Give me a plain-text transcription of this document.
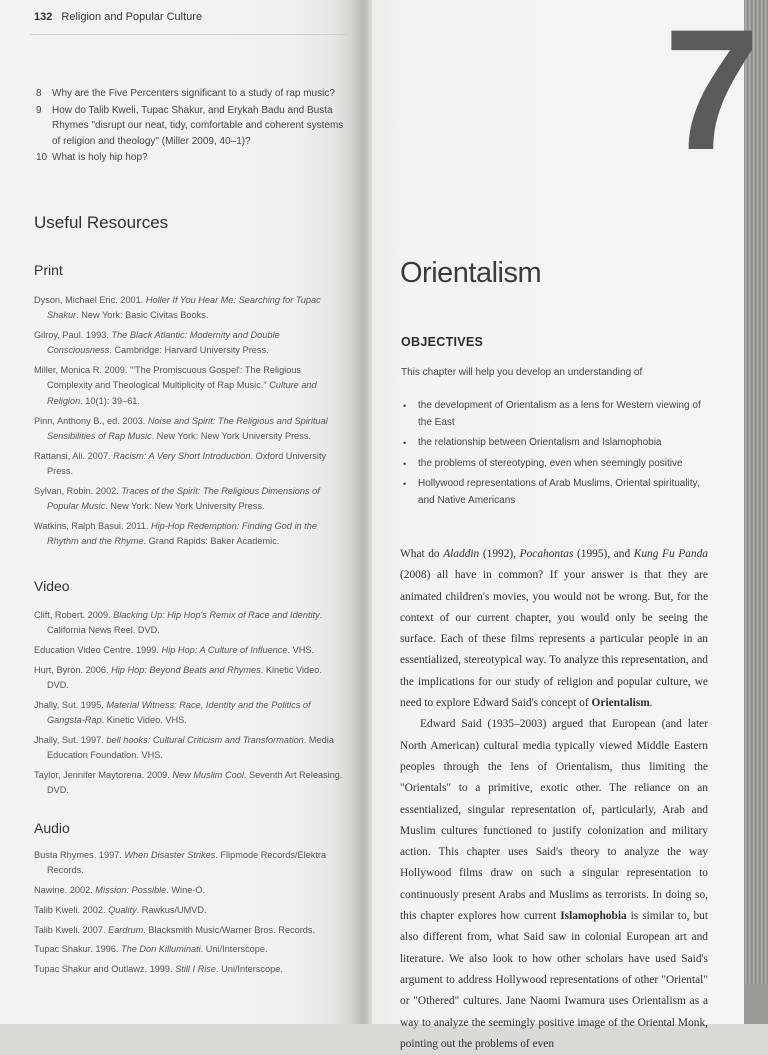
132 Religion and Popular Culture
8	Why are the Five Percenters significant to a study of rap music?
9	How do Talib Kweli, Tupac Shakur, and Erykah Badu and Busta Rhymes "disrupt our neat, tidy, comfortable and coherent systems of religion and theology" (Miller 2009, 40–1)?
10 What is holy hip hop?
Useful Resources
Print
Dyson, Michael Eric. 2001. Holler If You Hear Me: Searching for Tupac Shakur. New York: Basic Civitas Books.
Gilroy, Paul. 1993. The Black Atlantic: Modernity and Double Consciousness. Cambridge: Harvard University Press.
Miller, Monica R. 2009. "'The Promiscuous Gospel': The Religious Complexity and Theological Multiplicity of Rap Music." Culture and Religion. 10(1): 39–61.
Pinn, Anthony B., ed. 2003. Noise and Spirit: The Religious and Spiritual Sensibilities of Rap Music. New York: New York University Press.
Rattansi, Ali. 2007. Racism: A Very Short Introduction. Oxford University Press.
Sylvan, Robin. 2002. Traces of the Spirit: The Religious Dimensions of Popular Music. New York: New York University Press.
Watkins, Ralph Basui. 2011. Hip-Hop Redemption: Finding God in the Rhythm and the Rhyme. Grand Rapids: Baker Academic.
Video
Clift, Robert. 2009. Blacking Up: Hip Hop's Remix of Race and Identity. California News Reel. DVD.
Education Video Centre. 1999. Hip Hop: A Culture of Influence. VHS.
Hurt, Byron. 2006. Hip Hop: Beyond Beats and Rhymes. Kinetic Video. DVD.
Jhally, Sut. 1995. Material Witness: Race, Identity and the Politics of Gangsta-Rap. Kinetic Video. VHS.
Jhally, Sut. 1997. bell hooks: Cultural Criticism and Transformation. Media Education Foundation. VHS.
Taylor, Jennifer Maytorena. 2009. New Muslim Cool. Seventh Art Releasing. DVD.
Audio
Busta Rhymes. 1997. When Disaster Strikes. Flipmode Records/Elektra Records.
Nawine. 2002. Mission: Possible. Wine-O.
Talib Kweli. 2002. Quality. Rawkus/UMVD.
Talib Kweli. 2007. Eardrum. Blacksmith Music/Warner Bros. Records.
Tupac Shakur. 1996. The Don Killuminati. Uni/Interscope.
Tupac Shakur and Outlawz. 1999. Still I Rise. Uni/Interscope.
7
Orientalism
OBJECTIVES
This chapter will help you develop an understanding of
•	the development of Orientalism as a lens for Western viewing of the East
•	the relationship between Orientalism and Islamophobia
•	the problems of stereotyping, even when seemingly positive
•	Hollywood representations of Arab Muslims, Oriental spirituality, and Native Americans

What do Aladdin (1992), Pocahontas (1995), and Kung Fu Panda (2008) all have in common? If your answer is that they are animated children's movies, you would not be wrong. But, for the context of our current chapter, you would only be seeing the surface. Each of these films represents a particular people in an essentialized, stereotypical way. To analyze this representation, and the implications for our study of religion and popular culture, we need to explore Edward Said's concept of Orientalism.

Edward Said (1935–2003) argued that European (and later North American) cultural media typically viewed Middle Eastern peoples through the lens of Orientalism, thus limiting the "Orientals" to a primitive, exotic other. The reliance on an essentialized, singular representation of, particularly, Arab and Muslim cultures functioned to justify colonization and military action. This chapter uses Said's theory to analyze the way Hollywood films draw on such a singular representation to continuously present Arabs and Muslims as terrorists. In doing so, this chapter explores how current Islamophobia is similar to, but also different from, what Said saw in colonial European art and literature. We also look to how other scholars have used Said's argument to address Hollywood representations of other "Oriental" or "Othered" cultures. Jane Naomi Iwamura uses Orientalism as a way to analyze the seemingly positive image of the Oriental Monk, pointing out the problems of even
